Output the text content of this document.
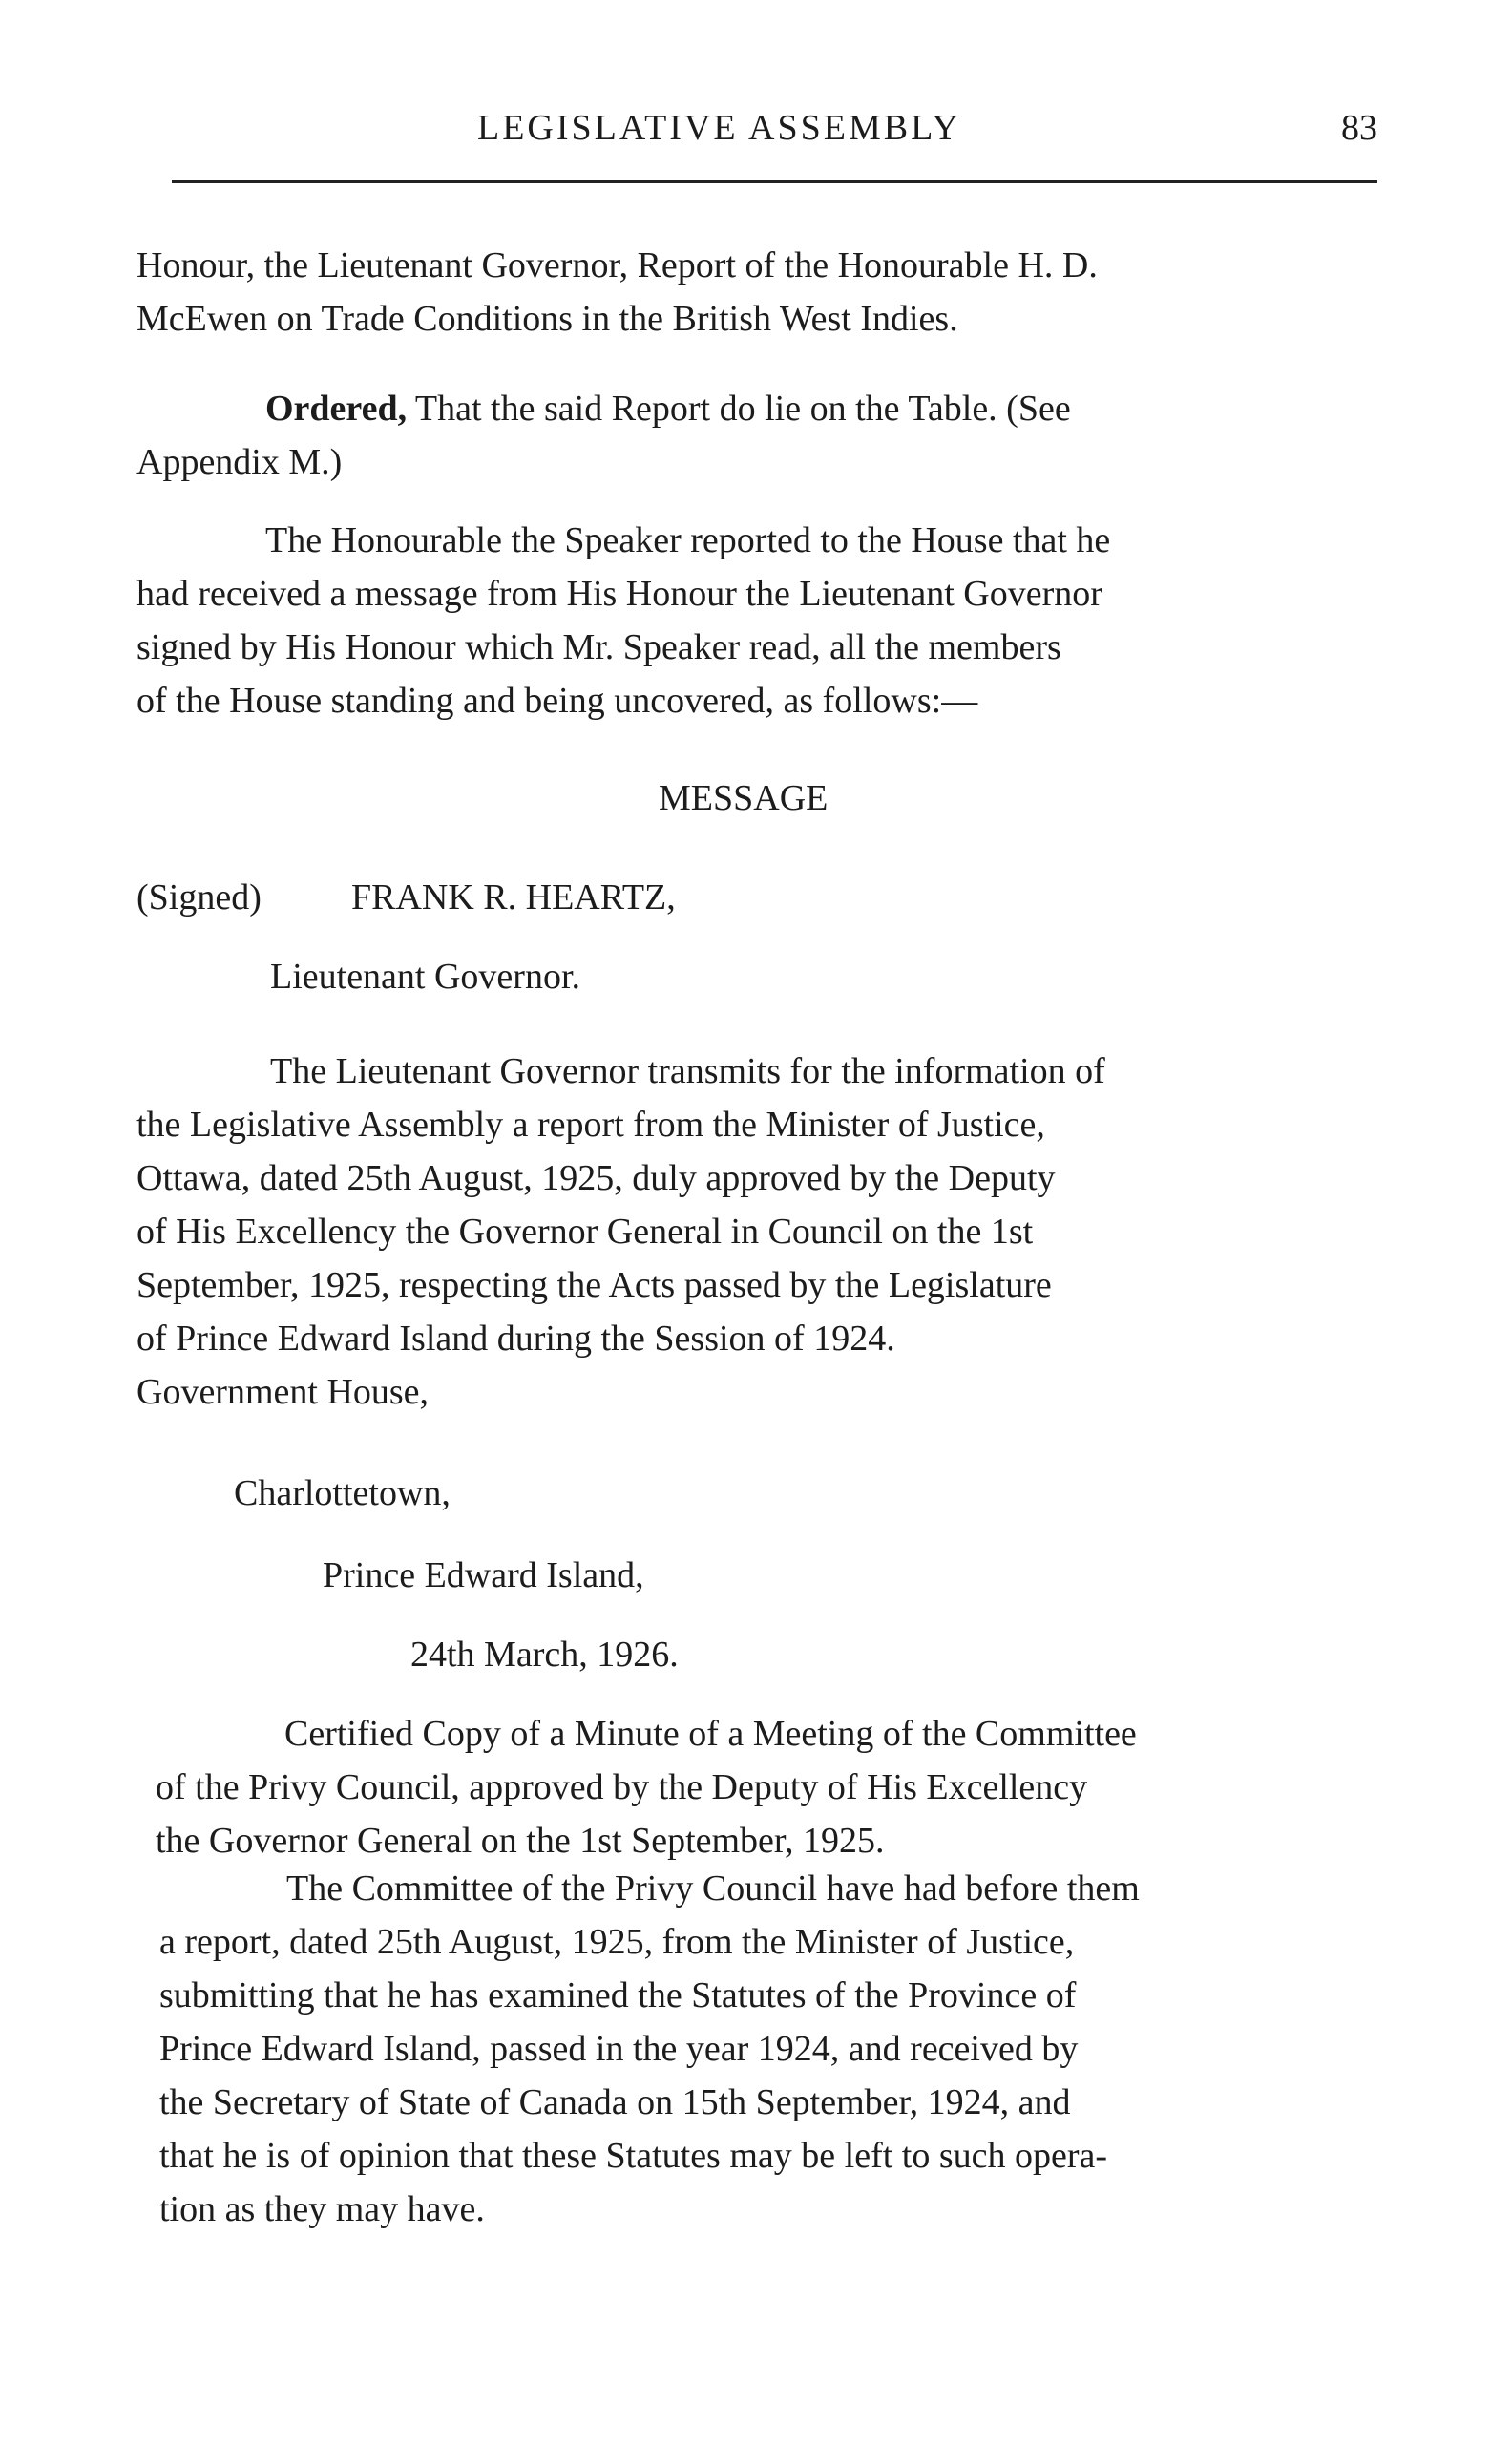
LEGISLATIVE ASSEMBLY	83
Honour, the Lieutenant Governor, Report of the Honourable H. D.
McEwen on Trade Conditions in the British West Indies.
Ordered, That the said Report do lie on the Table. (See
Appendix M.)
The Honourable the Speaker reported to the House that he
had received a message from His Honour the Lieutenant Governor
signed by His Honour which Mr. Speaker read, all the members
of the House standing and being uncovered, as follows:—
MESSAGE
(Signed) FRANK R. HEARTZ,
Lieutenant Governor.
The Lieutenant Governor transmits for the information of
the Legislative Assembly a report from the Minister of Justice,
Ottawa, dated 25th August, 1925, duly approved by the Deputy
of His Excellency the Governor General in Council on the 1st
September, 1925, respecting the Acts passed by the Legislature
of Prince Edward Island during the Session of 1924.
Government House,
Charlottetown,
Prince Edward Island,
24th March, 1926.
Certified Copy of a Minute of a Meeting of the Committee
of the Privy Council, approved by the Deputy of His Excellency
the Governor General on the 1st September, 1925.
The Committee of the Privy Council have had before them
a report, dated 25th August, 1925, from the Minister of Justice,
submitting that he has examined the Statutes of the Province of
Prince Edward Island, passed in the year 1924, and received by
the Secretary of State of Canada on 15th September, 1924, and
that he is of opinion that these Statutes may be left to such opera-
tion as they may have.
